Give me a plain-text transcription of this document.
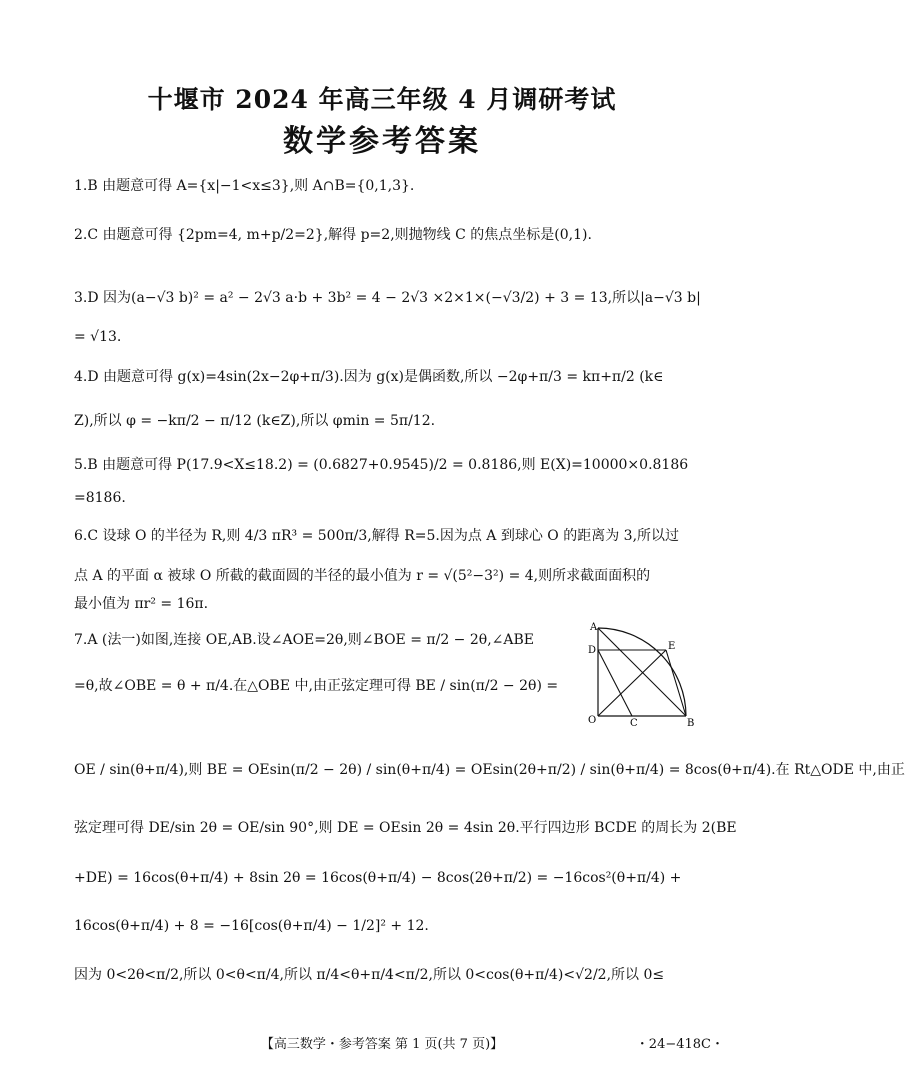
十堰市 2024 年高三年级 4 月调研考试
数学参考答案
1.B 由题意可得 A={x|−1<x≤3},则 A∩B={0,1,3}.
2.C 由题意可得 {2pm=4, m+p/2=2},解得 p=2,则抛物线 C 的焦点坐标是(0,1).
3.D 因为(a−√3 b)² = a² − 2√3 a·b + 3b² = 4 − 2√3 ×2×1×(−√3/2) + 3 = 13,所以|a−√3 b|
= √13.
4.D 由题意可得 g(x)=4sin(2x−2φ+π/3).因为 g(x)是偶函数,所以 −2φ+π/3 = kπ+π/2 (k∈
Z),所以 φ = −kπ/2 − π/12 (k∈Z),所以 φmin = 5π/12.
5.B 由题意可得 P(17.9<X≤18.2) = (0.6827+0.9545)/2 = 0.8186,则 E(X)=10000×0.8186
=8186.
6.C 设球 O 的半径为 R,则 4/3 πR³ = 500π/3,解得 R=5.因为点 A 到球心 O 的距离为 3,所以过
点 A 的平面 α 被球 O 所截的截面圆的半径的最小值为 r = √(5²−3²) = 4,则所求截面面积的
最小值为 πr² = 16π.
7.A (法一)如图,连接 OE,AB.设∠AOE=2θ,则∠BOE = π/2 − 2θ,∠ABE
=θ,故∠OBE = θ + π/4.在△OBE 中,由正弦定理可得 BE / sin(π/2 − 2θ) =
OE / sin(θ+π/4),则 BE = OEsin(π/2 − 2θ) / sin(θ+π/4) = OEsin(2θ+π/2) / sin(θ+π/4) = 8cos(θ+π/4).在 Rt△ODE 中,由正
弦定理可得 DE/sin 2θ = OE/sin 90°,则 DE = OEsin 2θ = 4sin 2θ.平行四边形 BCDE 的周长为 2(BE
+DE) = 16cos(θ+π/4) + 8sin 2θ = 16cos(θ+π/4) − 8cos(2θ+π/2) = −16cos²(θ+π/4) +
16cos(θ+π/4) + 8 = −16[cos(θ+π/4) − 1/2]² + 12.
因为 0<2θ<π/2,所以 0<θ<π/4,所以 π/4<θ+π/4<π/2,所以 0<cos(θ+π/4)<√2/2,所以 0≤
A
D	E
O	C	B
【高三数学・参考答案 第 1 页(共 7 页)】	・24−418C・
